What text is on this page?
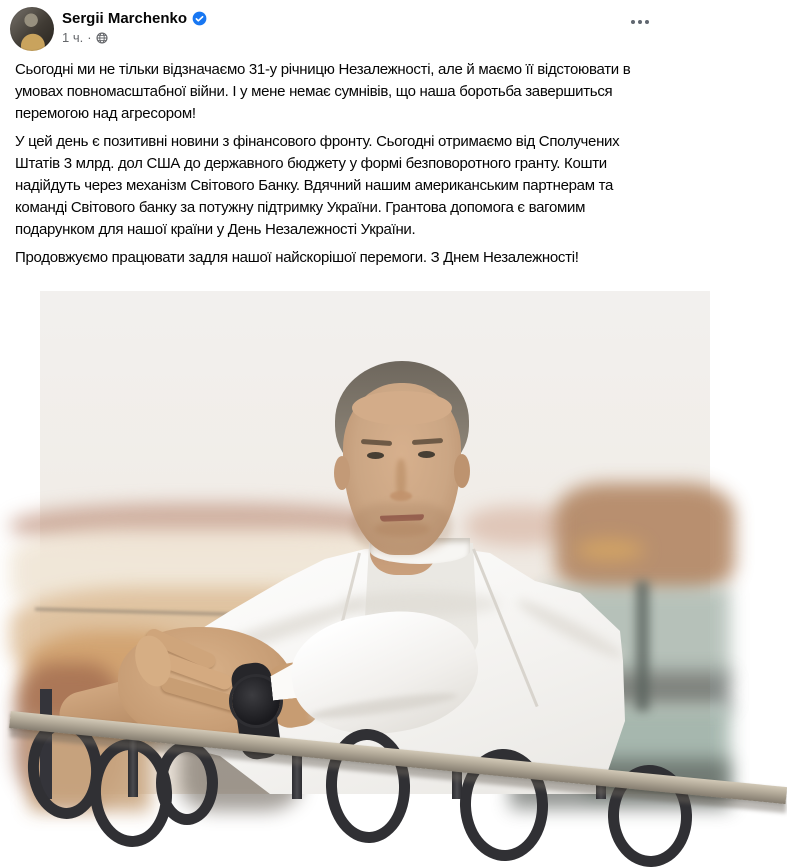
Sergii Marchenko
1 ч. ·

Сьогодні ми не тільки відзначаємо 31-у річницю Незалежності, але й маємо її відстоювати в умовах повномасштабної війни. І у мене немає сумнівів, що наша боротьба завершиться перемогою над агресором!

У цей день є позитивні новини з фінансового фронту. Сьогодні отримаємо від Сполучених Штатів 3 млрд. дол США до державного бюджету у формі безповоротного гранту. Кошти надійдуть через механізм Світового Банку. Вдячний нашим американським партнерам та команді Світового банку за потужну підтримку України. Грантова допомога є вагомим подарунком для нашої країни у День Незалежності України.

Продовжуємо працювати задля нашої найскорішої перемоги. З Днем Незалежності!
